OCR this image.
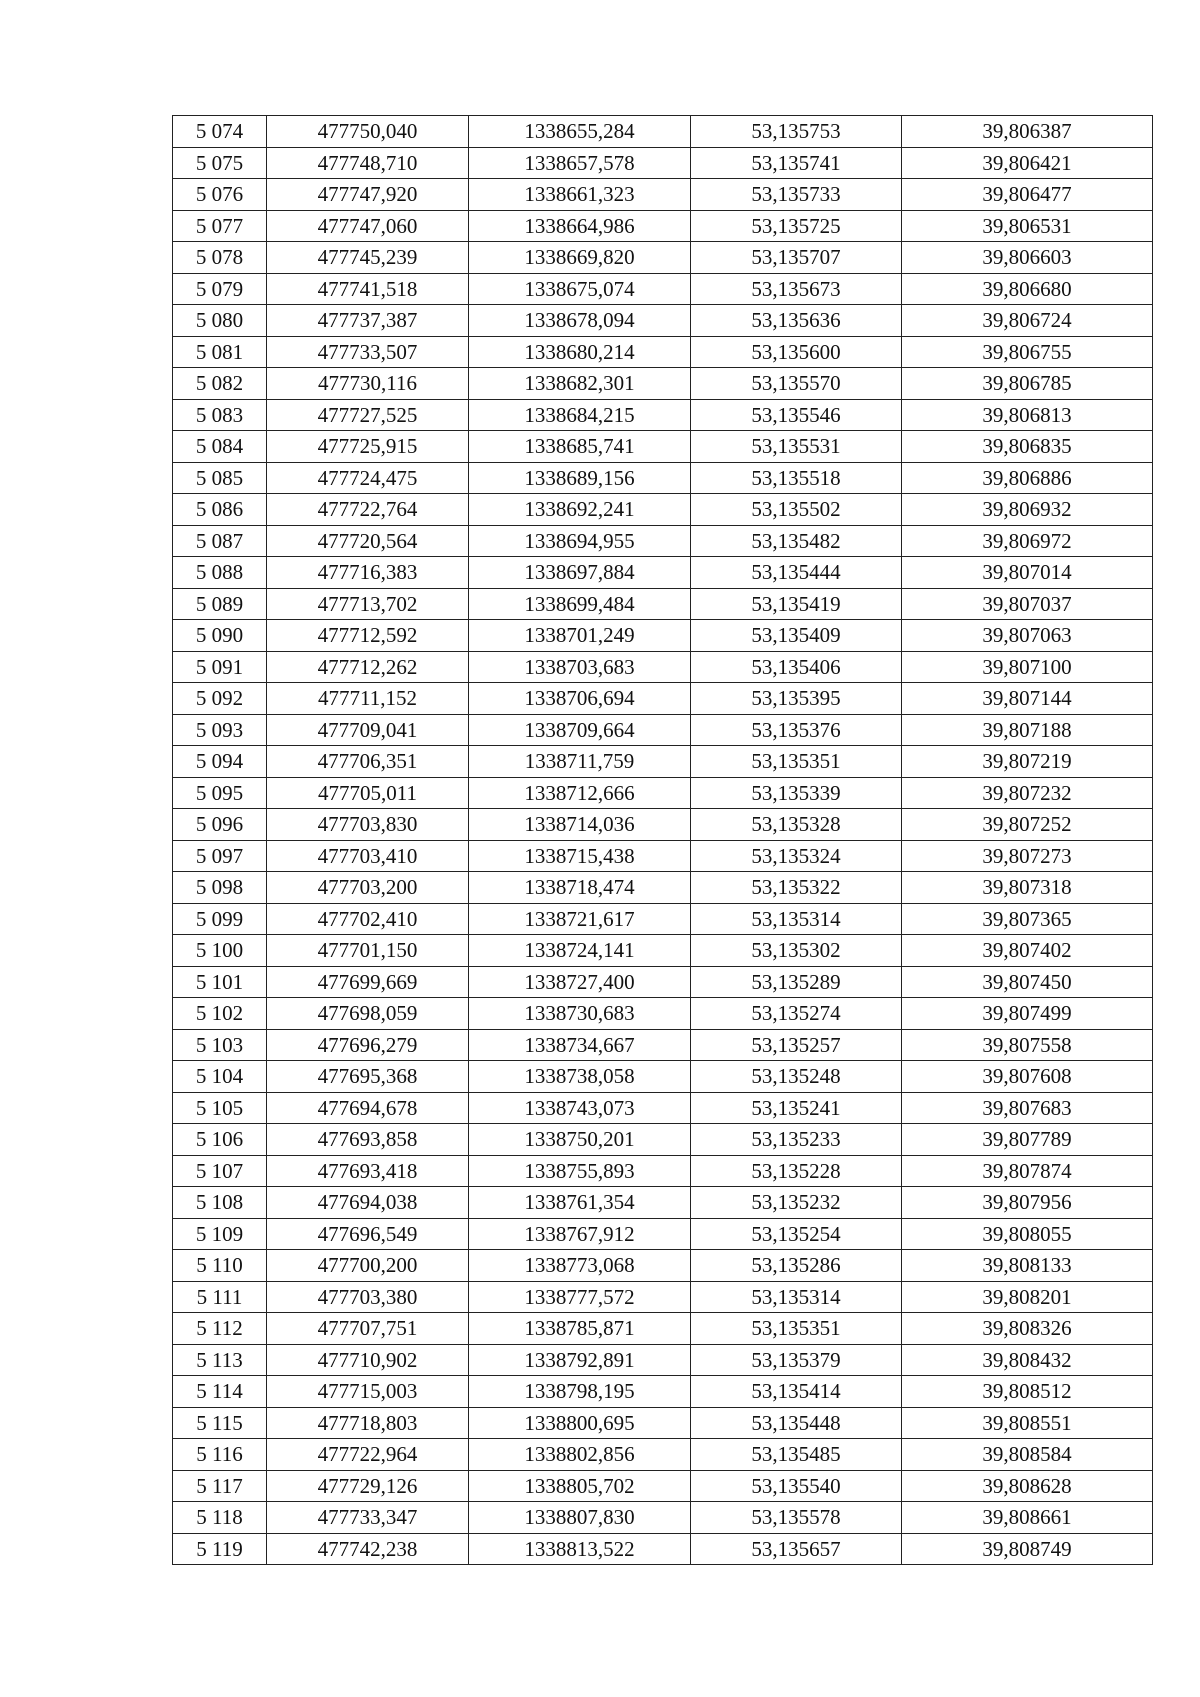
5 074	477750,040	1338655,284	53,135753	39,806387
5 075	477748,710	1338657,578	53,135741	39,806421
5 076	477747,920	1338661,323	53,135733	39,806477
5 077	477747,060	1338664,986	53,135725	39,806531
5 078	477745,239	1338669,820	53,135707	39,806603
5 079	477741,518	1338675,074	53,135673	39,806680
5 080	477737,387	1338678,094	53,135636	39,806724
5 081	477733,507	1338680,214	53,135600	39,806755
5 082	477730,116	1338682,301	53,135570	39,806785
5 083	477727,525	1338684,215	53,135546	39,806813
5 084	477725,915	1338685,741	53,135531	39,806835
5 085	477724,475	1338689,156	53,135518	39,806886
5 086	477722,764	1338692,241	53,135502	39,806932
5 087	477720,564	1338694,955	53,135482	39,806972
5 088	477716,383	1338697,884	53,135444	39,807014
5 089	477713,702	1338699,484	53,135419	39,807037
5 090	477712,592	1338701,249	53,135409	39,807063
5 091	477712,262	1338703,683	53,135406	39,807100
5 092	477711,152	1338706,694	53,135395	39,807144
5 093	477709,041	1338709,664	53,135376	39,807188
5 094	477706,351	1338711,759	53,135351	39,807219
5 095	477705,011	1338712,666	53,135339	39,807232
5 096	477703,830	1338714,036	53,135328	39,807252
5 097	477703,410	1338715,438	53,135324	39,807273
5 098	477703,200	1338718,474	53,135322	39,807318
5 099	477702,410	1338721,617	53,135314	39,807365
5 100	477701,150	1338724,141	53,135302	39,807402
5 101	477699,669	1338727,400	53,135289	39,807450
5 102	477698,059	1338730,683	53,135274	39,807499
5 103	477696,279	1338734,667	53,135257	39,807558
5 104	477695,368	1338738,058	53,135248	39,807608
5 105	477694,678	1338743,073	53,135241	39,807683
5 106	477693,858	1338750,201	53,135233	39,807789
5 107	477693,418	1338755,893	53,135228	39,807874
5 108	477694,038	1338761,354	53,135232	39,807956
5 109	477696,549	1338767,912	53,135254	39,808055
5 110	477700,200	1338773,068	53,135286	39,808133
5 111	477703,380	1338777,572	53,135314	39,808201
5 112	477707,751	1338785,871	53,135351	39,808326
5 113	477710,902	1338792,891	53,135379	39,808432
5 114	477715,003	1338798,195	53,135414	39,808512
5 115	477718,803	1338800,695	53,135448	39,808551
5 116	477722,964	1338802,856	53,135485	39,808584
5 117	477729,126	1338805,702	53,135540	39,808628
5 118	477733,347	1338807,830	53,135578	39,808661
5 119	477742,238	1338813,522	53,135657	39,808749
